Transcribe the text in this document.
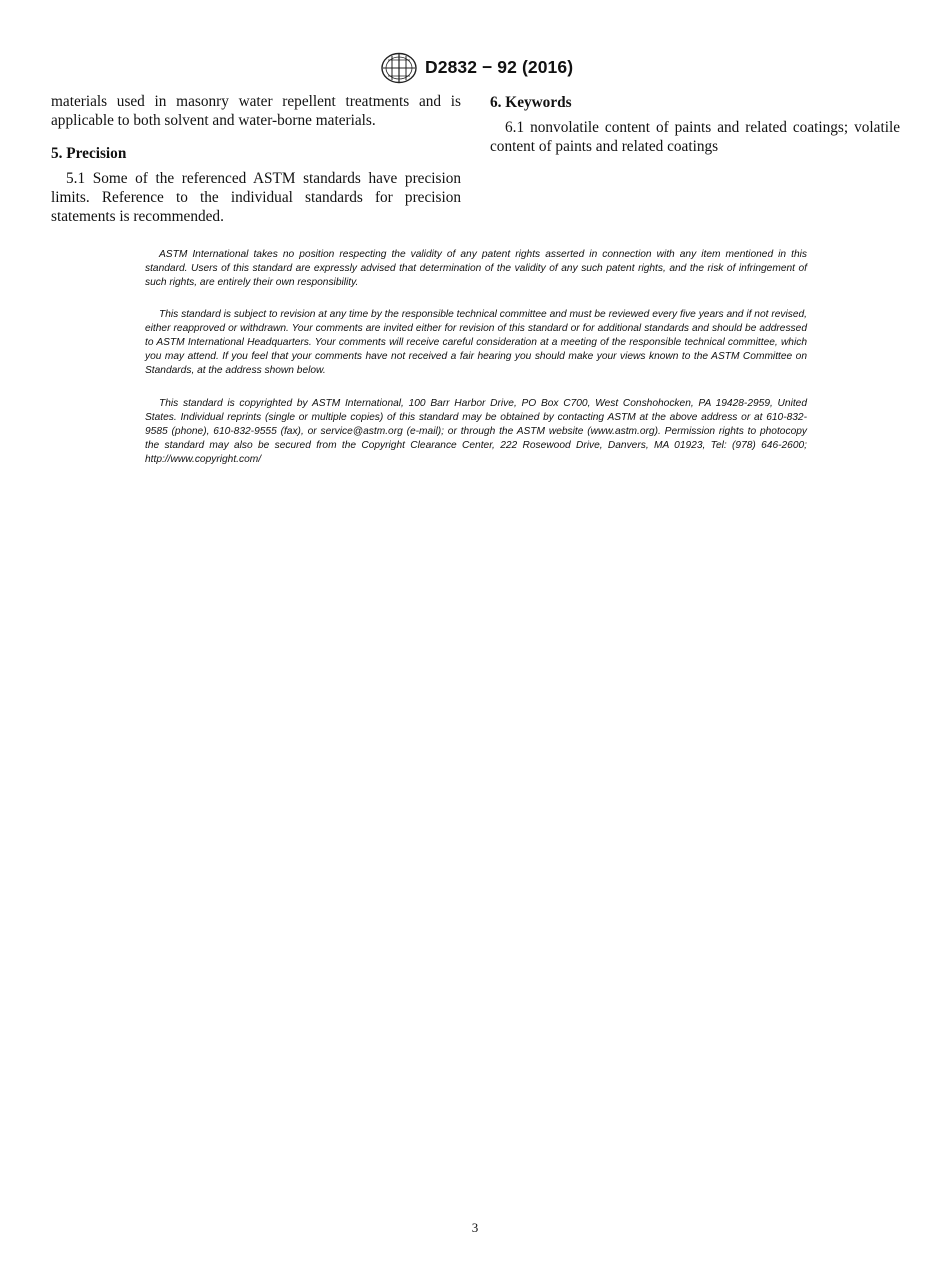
D2832 − 92 (2016)

materials used in masonry water repellent treatments and is applicable to both solvent and water-borne materials.

5. Precision

5.1 Some of the referenced ASTM standards have precision limits. Reference to the individual standards for precision statements is recommended.

6. Keywords

6.1 nonvolatile content of paints and related coatings; volatile content of paints and related coatings

ASTM International takes no position respecting the validity of any patent rights asserted in connection with any item mentioned in this standard. Users of this standard are expressly advised that determination of the validity of any such patent rights, and the risk of infringement of such rights, are entirely their own responsibility.

This standard is subject to revision at any time by the responsible technical committee and must be reviewed every five years and if not revised, either reapproved or withdrawn. Your comments are invited either for revision of this standard or for additional standards and should be addressed to ASTM International Headquarters. Your comments will receive careful consideration at a meeting of the responsible technical committee, which you may attend. If you feel that your comments have not received a fair hearing you should make your views known to the ASTM Committee on Standards, at the address shown below.

This standard is copyrighted by ASTM International, 100 Barr Harbor Drive, PO Box C700, West Conshohocken, PA 19428-2959, United States. Individual reprints (single or multiple copies) of this standard may be obtained by contacting ASTM at the above address or at 610-832-9585 (phone), 610-832-9555 (fax), or service@astm.org (e-mail); or through the ASTM website (www.astm.org). Permission rights to photocopy the standard may also be secured from the Copyright Clearance Center, 222 Rosewood Drive, Danvers, MA 01923, Tel: (978) 646-2600; http://www.copyright.com/

3
